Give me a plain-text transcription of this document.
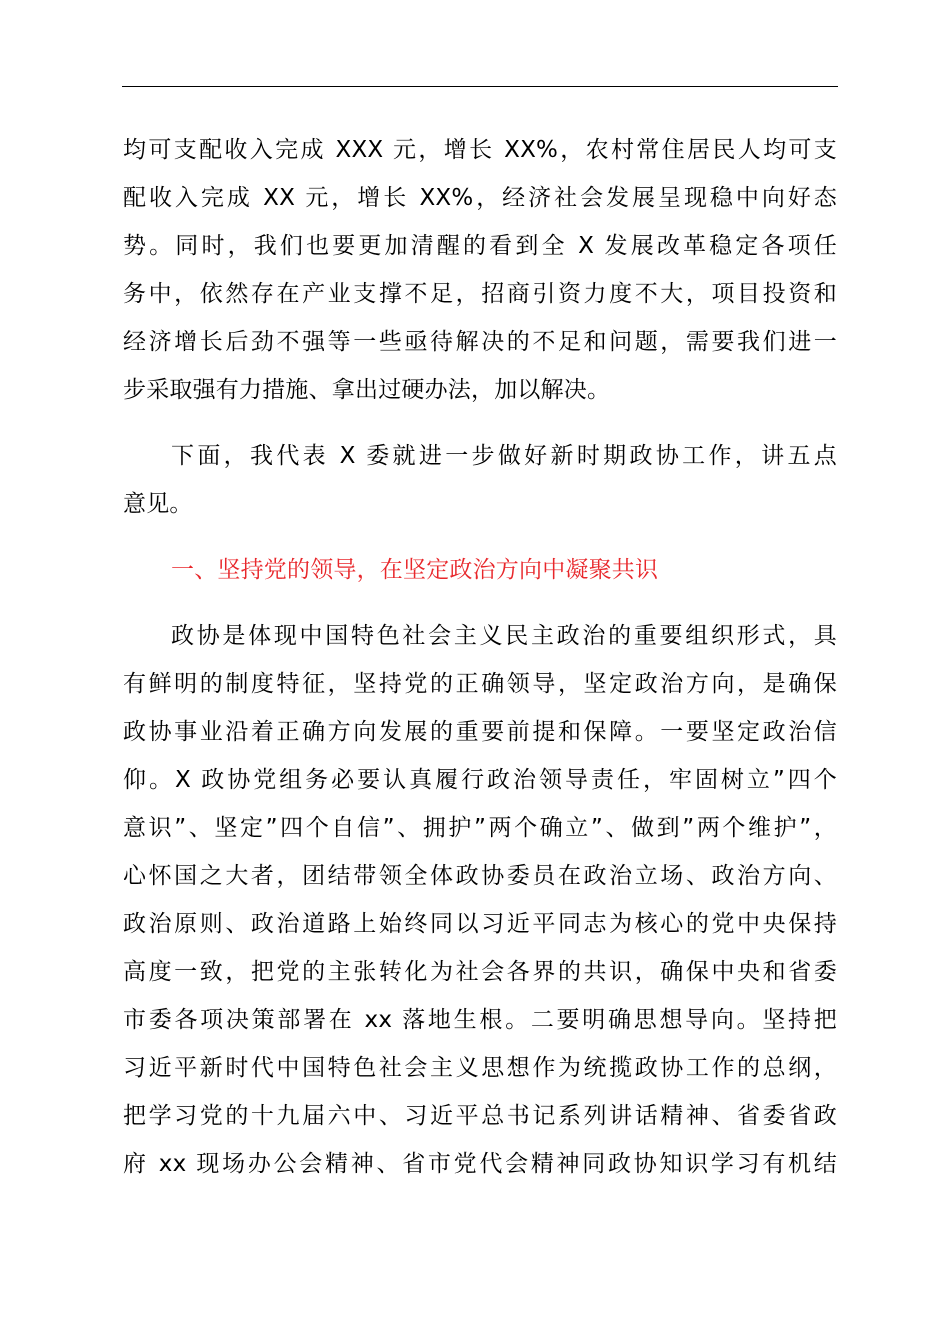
均可支配收入完成 XXX 元，增长 XX%，农村常住居民人均可支
配收入完成 XX 元，增长 XX%，经济社会发展呈现稳中向好态
势。同时，我们也要更加清醒的看到全 X 发展改革稳定各项任
务中，依然存在产业支撑不足，招商引资力度不大，项目投资和
经济增长后劲不强等一些亟待解决的不足和问题，需要我们进一
步采取强有力措施、拿出过硬办法，加以解决。
下面，我代表 X 委就进一步做好新时期政协工作，讲五点
意见。
一、坚持党的领导，在坚定政治方向中凝聚共识
政协是体现中国特色社会主义民主政治的重要组织形式，具
有鲜明的制度特征，坚持党的正确领导，坚定政治方向，是确保
政协事业沿着正确方向发展的重要前提和保障。一要坚定政治信
仰。X 政协党组务必要认真履行政治领导责任，牢固树立”四个
意识”、坚定”四个自信”、拥护”两个确立”、做到”两个维护”，
心怀国之大者，团结带领全体政协委员在政治立场、政治方向、
政治原则、政治道路上始终同以习近平同志为核心的党中央保持
高度一致，把党的主张转化为社会各界的共识，确保中央和省委
市委各项决策部署在 xx 落地生根。二要明确思想导向。坚持把
习近平新时代中国特色社会主义思想作为统揽政协工作的总纲，
把学习党的十九届六中、习近平总书记系列讲话精神、省委省政
府 xx 现场办公会精神、省市党代会精神同政协知识学习有机结
